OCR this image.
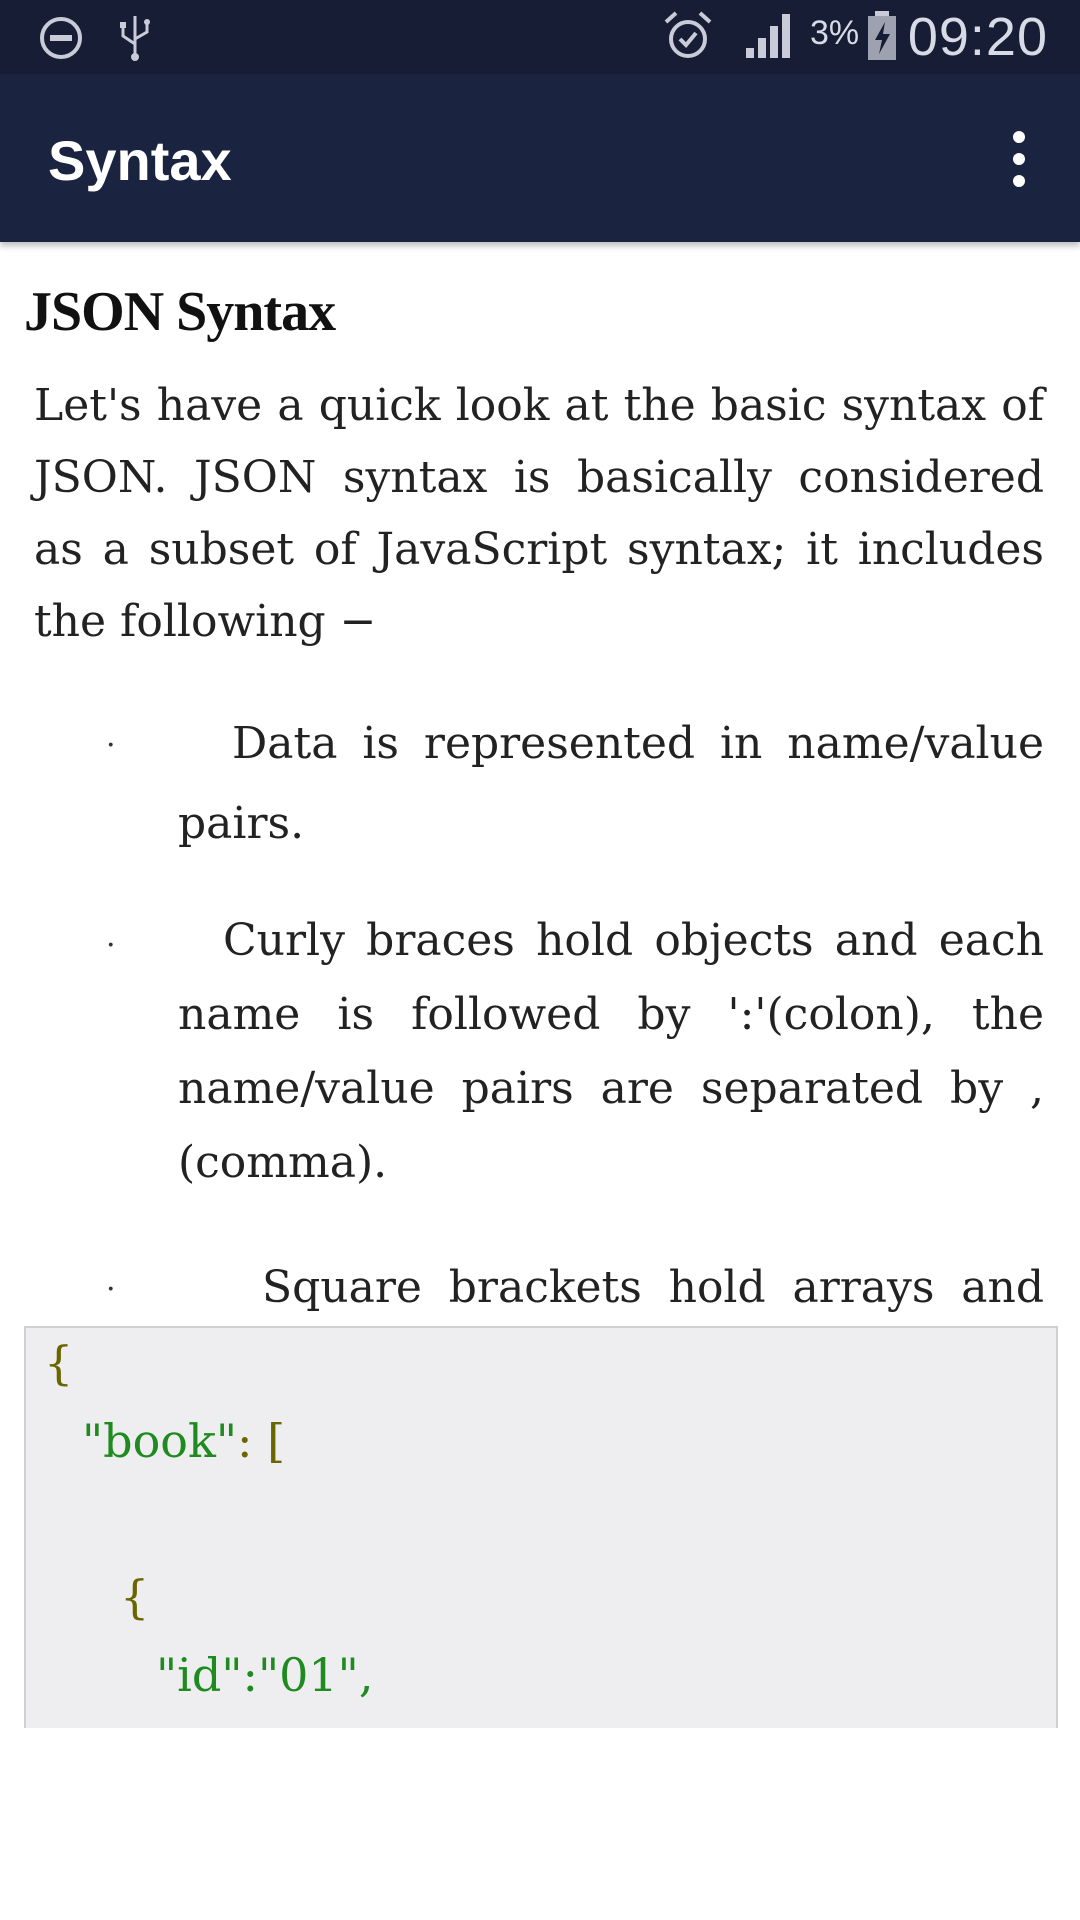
3% 09:20
Syntax
JSON Syntax

Let's have a quick look at the basic syntax of JSON. JSON syntax is basically considered as a subset of JavaScript syntax; it includes the following −

·	Data is represented in name/value pairs.

·	Curly braces hold objects and each name is followed by ':'(colon), the name/value pairs are separated by , (comma).

·	Square brackets hold arrays and

{
"book": [
{
"id":"01",
